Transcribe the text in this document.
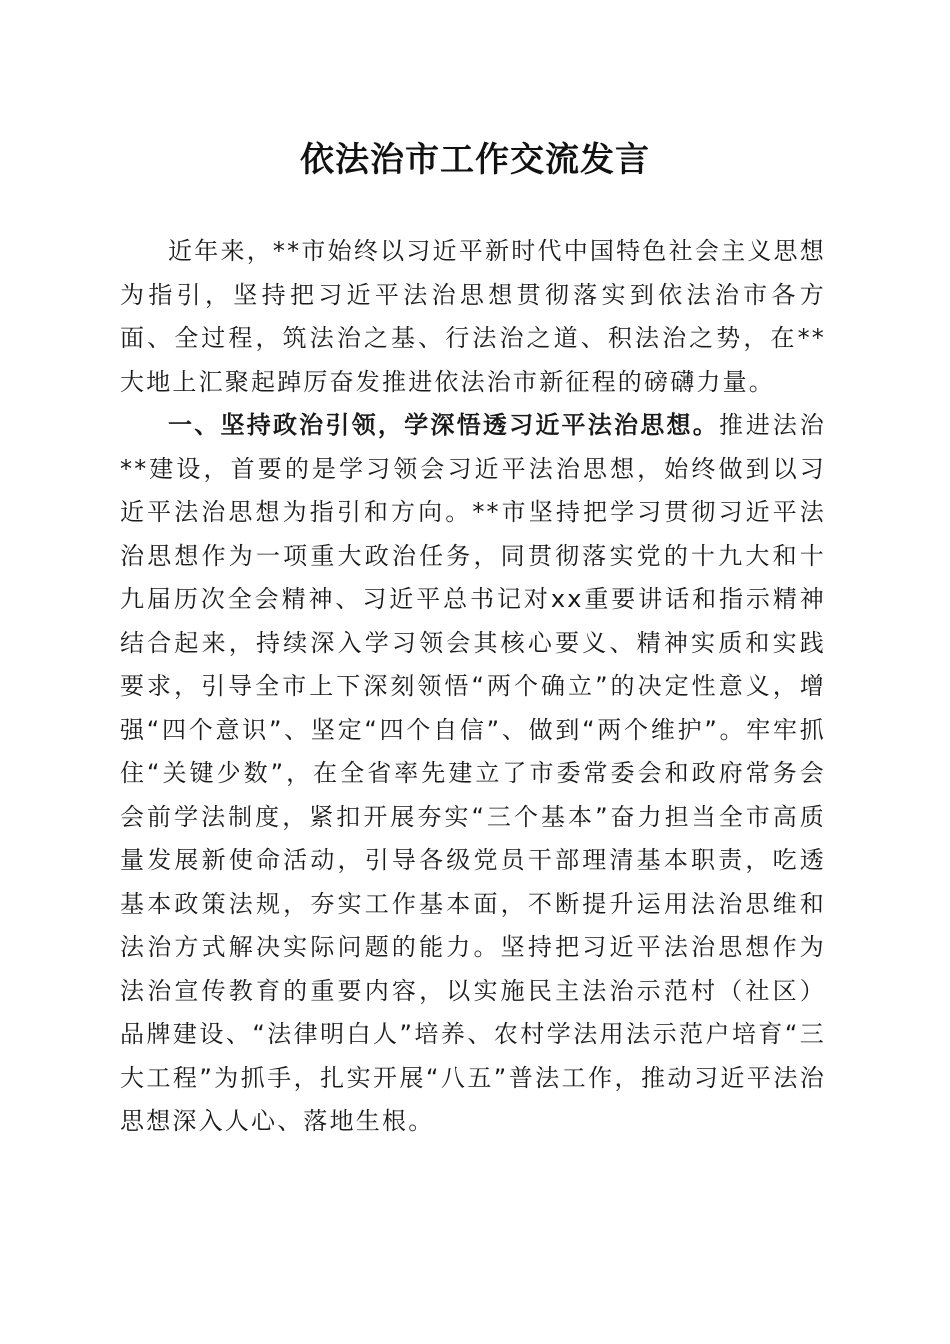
依法治市工作交流发言

近年来，**市始终以习近平新时代中国特色社会主义思想为指引，坚持把习近平法治思想贯彻落实到依法治市各方面、全过程，筑法治之基、行法治之道、积法治之势，在**大地上汇聚起踔厉奋发推进依法治市新征程的磅礴力量。

一、坚持政治引领，学深悟透习近平法治思想。推进法治**建设，首要的是学习领会习近平法治思想，始终做到以习近平法治思想为指引和方向。**市坚持把学习贯彻习近平法治思想作为一项重大政治任务，同贯彻落实党的十九大和十九届历次全会精神、习近平总书记对xx重要讲话和指示精神结合起来，持续深入学习领会其核心要义、精神实质和实践要求，引导全市上下深刻领悟“两个确立”的决定性意义，增强“四个意识”、坚定“四个自信”、做到“两个维护”。牢牢抓住“关键少数”，在全省率先建立了市委常委会和政府常务会会前学法制度，紧扣开展夯实“三个基本”奋力担当全市高质量发展新使命活动，引导各级党员干部理清基本职责，吃透基本政策法规，夯实工作基本面，不断提升运用法治思维和法治方式解决实际问题的能力。坚持把习近平法治思想作为法治宣传教育的重要内容，以实施民主法治示范村（社区）品牌建设、“法律明白人”培养、农村学法用法示范户培育“三大工程”为抓手，扎实开展“八五”普法工作，推动习近平法治思想深入人心、落地生根。
